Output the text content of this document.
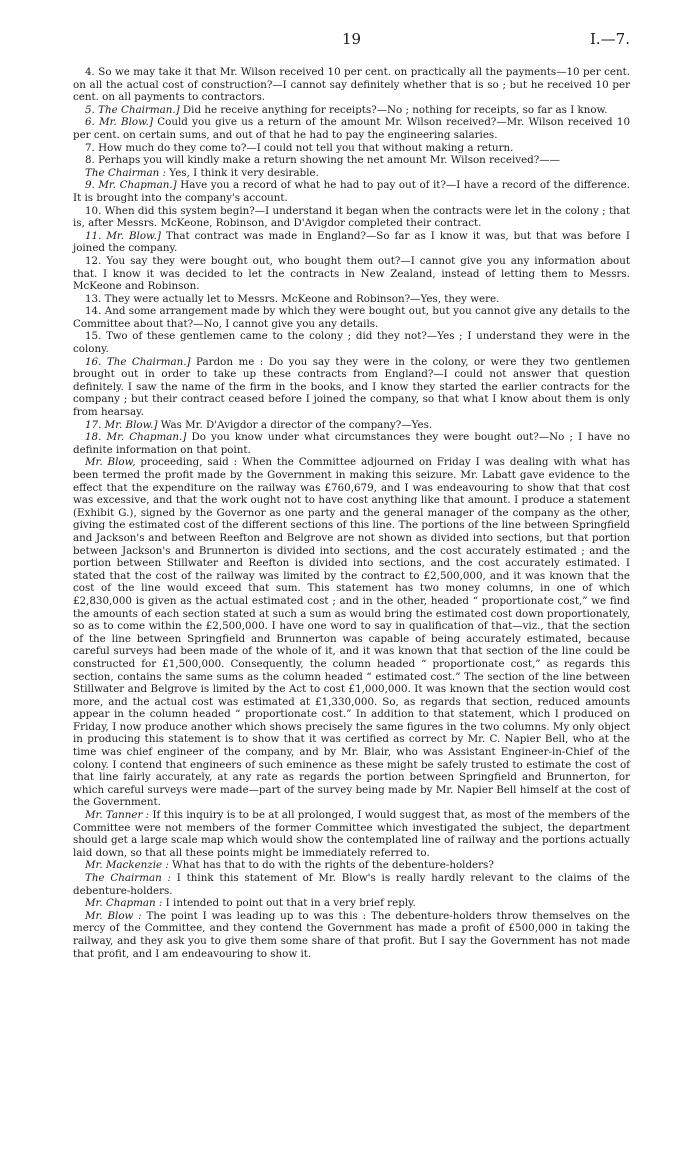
19	I.—7.

4. So we may take it that Mr. Wilson received 10 per cent. on practically all the payments—10 per cent. on all the actual cost of construction?—I cannot say definitely whether that is so ; but he received 10 per cent. on all payments to contractors.

5. The Chairman.] Did he receive anything for receipts?—No ; nothing for receipts, so far as I know.

6. Mr. Blow.] Could you give us a return of the amount Mr. Wilson received?—Mr. Wilson received 10 per cent. on certain sums, and out of that he had to pay the engineering salaries.

7. How much do they come to?—I could not tell you that without making a return.

8. Perhaps you will kindly make a return showing the net amount Mr. Wilson received?——

The Chairman : Yes, I think it very desirable.

9. Mr. Chapman.] Have you a record of what he had to pay out of it?—I have a record of the difference. It is brought into the company's account.

10. When did this system begin?—I understand it began when the contracts were let in the colony ; that is, after Messrs. McKeone, Robinson, and D'Avigdor completed their contract.

11. Mr. Blow.] That contract was made in England?—So far as I know it was, but that was before I joined the company.

12. You say they were bought out, who bought them out?—I cannot give you any information about that. I know it was decided to let the contracts in New Zealand, instead of letting them to Messrs. McKeone and Robinson.

13. They were actually let to Messrs. McKeone and Robinson?—Yes, they were.

14. And some arrangement made by which they were bought out, but you cannot give any details to the Committee about that?—No, I cannot give you any details.

15. Two of these gentlemen came to the colony ; did they not?—Yes ; I understand they were in the colony.

16. The Chairman.] Pardon me : Do you say they were in the colony, or were they two gentlemen brought out in order to take up these contracts from England?—I could not answer that question definitely. I saw the name of the firm in the books, and I know they started the earlier contracts for the company ; but their contract ceased before I joined the company, so that what I know about them is only from hearsay.

17. Mr. Blow.] Was Mr. D'Avigdor a director of the company?—Yes.

18. Mr. Chapman.] Do you know under what circumstances they were bought out?—No ; I have no definite information on that point.

Mr. Blow, proceeding, said : When the Committee adjourned on Friday I was dealing with what has been termed the profit made by the Government in making this seizure. Mr. Labatt gave evidence to the effect that the expenditure on the railway was £760,679, and I was endeavouring to show that that cost was excessive, and that the work ought not to have cost anything like that amount. I produce a statement (Exhibit G.), signed by the Governor as one party and the general manager of the company as the other, giving the estimated cost of the different sections of this line. The portions of the line between Springfield and Jackson's and between Reefton and Belgrove are not shown as divided into sections, but that portion between Jackson's and Brunnerton is divided into sections, and the cost accurately estimated ; and the portion between Stillwater and Reefton is divided into sections, and the cost accurately estimated. I stated that the cost of the railway was limited by the contract to £2,500,000, and it was known that the cost of the line would exceed that sum. This statement has two money columns, in one of which £2,830,000 is given as the actual estimated cost ; and in the other, headed “ proportionate cost,” we find the amounts of each section stated at such a sum as would bring the estimated cost down proportionately, so as to come within the £2,500,000. I have one word to say in qualification of that—viz., that the section of the line between Springfield and Brunnerton was capable of being accurately estimated, because careful surveys had been made of the whole of it, and it was known that that section of the line could be constructed for £1,500,000. Consequently, the column headed “ proportionate cost,” as regards this section, contains the same sums as the column headed “ estimated cost.” The section of the line between Stillwater and Belgrove is limited by the Act to cost £1,000,000. It was known that the section would cost more, and the actual cost was estimated at £1,330,000. So, as regards that section, reduced amounts appear in the column headed “ proportionate cost.” In addition to that statement, which I produced on Friday, I now produce another which shows precisely the same figures in the two columns. My only object in producing this statement is to show that it was certified as correct by Mr. C. Napier Bell, who at the time was chief engineer of the company, and by Mr. Blair, who was Assistant Engineer-in-Chief of the colony. I contend that engineers of such eminence as these might be safely trusted to estimate the cost of that line fairly accurately, at any rate as regards the portion between Springfield and Brunnerton, for which careful surveys were made—part of the survey being made by Mr. Napier Bell himself at the cost of the Government.

Mr. Tanner : If this inquiry is to be at all prolonged, I would suggest that, as most of the members of the Committee were not members of the former Committee which investigated the subject, the department should get a large scale map which would show the contemplated line of railway and the portions actually laid down, so that all these points might be immediately referred to.

Mr. Mackenzie : What has that to do with the rights of the debenture-holders?

The Chairman : I think this statement of Mr. Blow's is really hardly relevant to the claims of the debenture-holders.

Mr. Chapman : I intended to point out that in a very brief reply.

Mr. Blow : The point I was leading up to was this : The debenture-holders throw themselves on the mercy of the Committee, and they contend the Government has made a profit of £500,000 in taking the railway, and they ask you to give them some share of that profit. But I say the Government has not made that profit, and I am endeavouring to show it.
